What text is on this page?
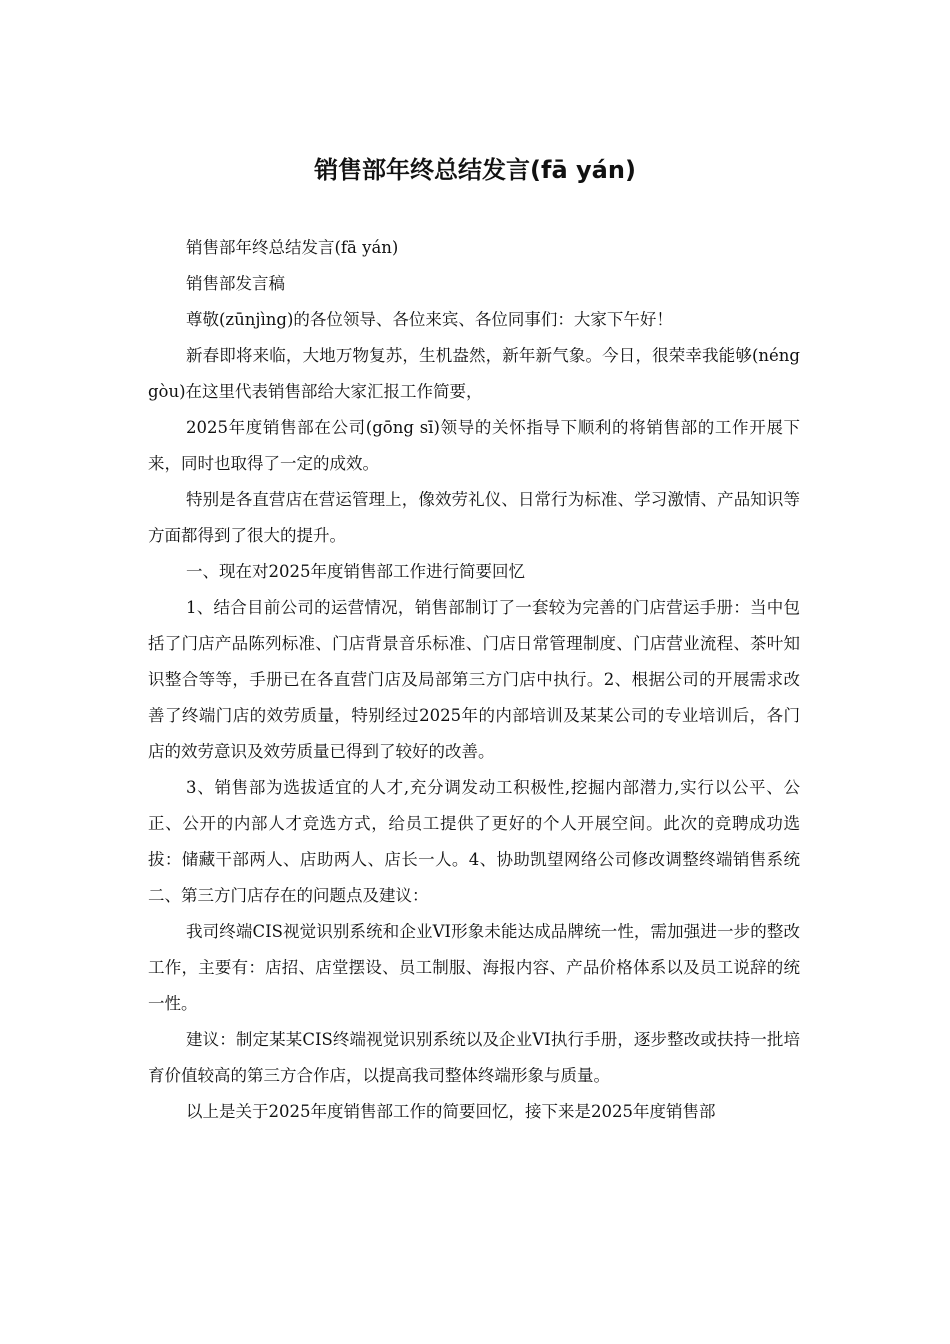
销售部年终总结发言(fā yán)

销售部年终总结发言(fā yán)

销售部发言稿

尊敬(zūnjìng)的各位领导、各位来宾、各位同事们：大家下午好！

新春即将来临，大地万物复苏，生机盎然，新年新气象。今日，很荣幸我能够(nénggòu)在这里代表销售部给大家汇报工作简要，

2025年度销售部在公司(gōng sī)领导的关怀指导下顺利的将销售部的工作开展下来，同时也取得了一定的成效。

特别是各直营店在营运管理上，像效劳礼仪、日常行为标准、学习激情、产品知识等方面都得到了很大的提升。

一、现在对2025年度销售部工作进行简要回忆

1、结合目前公司的运营情况，销售部制订了一套较为完善的门店营运手册：当中包括了门店产品陈列标准、门店背景音乐标准、门店日常管理制度、门店营业流程、茶叶知识整合等等，手册已在各直营门店及局部第三方门店中执行。2、根据公司的开展需求改善了终端门店的效劳质量，特别经过2025年的内部培训及某某公司的专业培训后，各门店的效劳意识及效劳质量已得到了较好的改善。

3、销售部为选拔适宜的人才,充分调发动工积极性,挖掘内部潜力,实行以公平、公正、公开的内部人才竞选方式，给员工提供了更好的个人开展空间。此次的竞聘成功选拔：储藏干部两人、店助两人、店长一人。4、协助凯望网络公司修改调整终端销售系统二、第三方门店存在的问题点及建议：

我司终端CIS视觉识别系统和企业VI形象未能达成品牌统一性，需加强进一步的整改工作，主要有：店招、店堂摆设、员工制服、海报内容、产品价格体系以及员工说辞的统一性。

建议：制定某某CIS终端视觉识别系统以及企业VI执行手册，逐步整改或扶持一批培育价值较高的第三方合作店，以提高我司整体终端形象与质量。

以上是关于2025年度销售部工作的简要回忆，接下来是2025年度销售部
